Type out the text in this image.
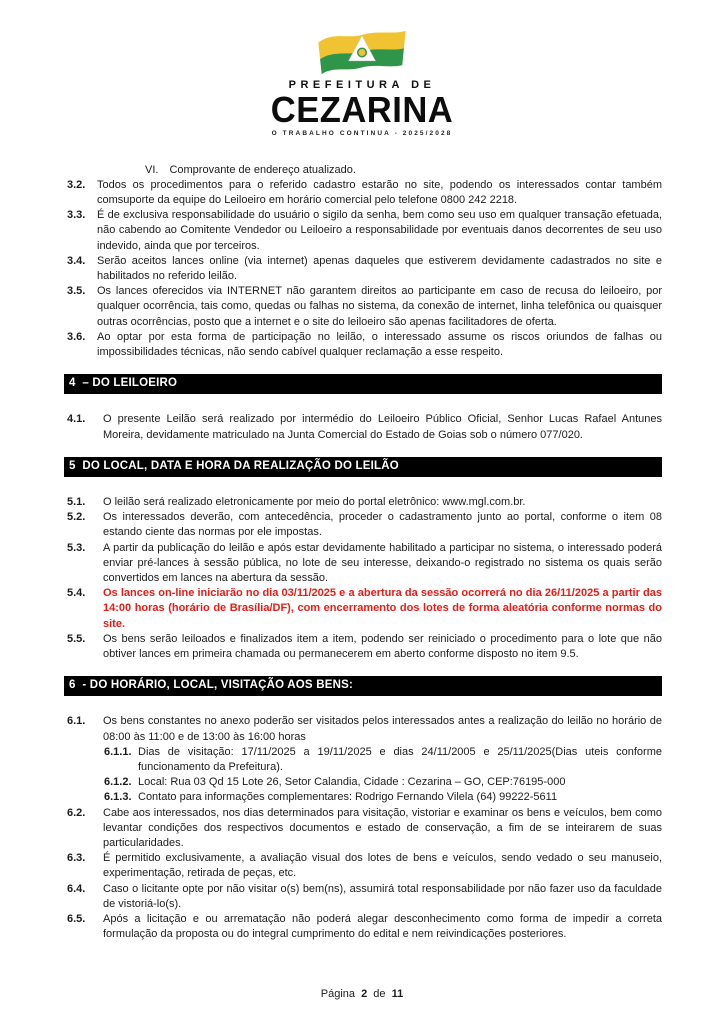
PREFEITURA DE
CEZARINA
O TRABALHO CONTINUA - 2025/2028
VI. Comprovante de endereço atualizado.
3.2. Todos os procedimentos para o referido cadastro estarão no site, podendo os interessados contar também comsuporte da equipe do Leiloeiro em horário comercial pelo telefone 0800 242 2218.
3.3. É de exclusiva responsabilidade do usuário o sigilo da senha, bem como seu uso em qualquer transação efetuada, não cabendo ao Comitente Vendedor ou Leiloeiro a responsabilidade por eventuais danos decorrentes de seu uso indevido, ainda que por terceiros.
3.4. Serão aceitos lances online (via internet) apenas daqueles que estiverem devidamente cadastrados no site e habilitados no referido leilão.
3.5. Os lances oferecidos via INTERNET não garantem direitos ao participante em caso de recusa do leiloeiro, por qualquer ocorrência, tais como, quedas ou falhas no sistema, da conexão de internet, linha telefônica ou quaisquer outras ocorrências, posto que a internet e o site do leiloeiro são apenas facilitadores de oferta.
3.6. Ao optar por esta forma de participação no leilão, o interessado assume os riscos oriundos de falhas ou impossibilidades técnicas, não sendo cabível qualquer reclamação a esse respeito.
4  – DO LEILOEIRO
4.1. O presente Leilão será realizado por intermédio do Leiloeiro Público Oficial, Senhor Lucas Rafael Antunes Moreira, devidamente matriculado na Junta Comercial do Estado de Goias sob o número 077/020.
5  DO LOCAL, DATA E HORA DA REALIZAÇÃO DO LEILÃO
5.1. O leilão será realizado eletronicamente por meio do portal eletrônico: www.mgl.com.br.
5.2. Os interessados deverão, com antecedência, proceder o cadastramento junto ao portal, conforme o item 08 estando ciente das normas por ele impostas.
5.3. A partir da publicação do leilão e após estar devidamente habilitado a participar no sistema, o interessado poderá enviar pré-lances à sessão pública, no lote de seu interesse, deixando-o registrado no sistema os quais serão convertidos em lances na abertura da sessão.
5.4. Os lances on-line iniciarão no dia 03/11/2025 e a abertura da sessão ocorrerá no dia 26/11/2025 a partir das 14:00 horas (horário de Brasília/DF), com encerramento dos lotes de forma aleatória conforme normas do site.
5.5. Os bens serão leiloados e finalizados item a item, podendo ser reiniciado o procedimento para o lote que não obtiver lances em primeira chamada ou permanecerem em aberto conforme disposto no item 9.5.
6  - DO HORÁRIO, LOCAL, VISITAÇÃO AOS BENS:
6.1. Os bens constantes no anexo poderão ser visitados pelos interessados antes a realização do leilão no horário de 08:00 às 11:00 e de 13:00 às 16:00 horas
6.1.1. Dias de visitação: 17/11/2025 a 19/11/2025 e dias 24/11/2005 e 25/11/2025(Dias uteis conforme funcionamento da Prefeitura).
6.1.2. Local: Rua 03 Qd 15 Lote 26, Setor Calandia, Cidade : Cezarina – GO, CEP:76195-000
6.1.3. Contato para informações complementares: Rodrigo Fernando Vilela (64) 99222-5611
6.2. Cabe aos interessados, nos dias determinados para visitação, vistoriar e examinar os bens e veículos, bem como levantar condições dos respectivos documentos e estado de conservação, a fim de se inteirarem de suas particularidades.
6.3. É permitido exclusivamente, a avaliação visual dos lotes de bens e veículos, sendo vedado o seu manuseio, experimentação, retirada de peças, etc.
6.4. Caso o licitante opte por não visitar o(s) bem(ns), assumirá total responsabilidade por não fazer uso da faculdade de vistoriá-lo(s).
6.5. Após a licitação e ou arrematação não poderá alegar desconhecimento como forma de impedir a correta formulação da proposta ou do integral cumprimento do edital e nem reivindicações posteriores.
Página 2 de 11
